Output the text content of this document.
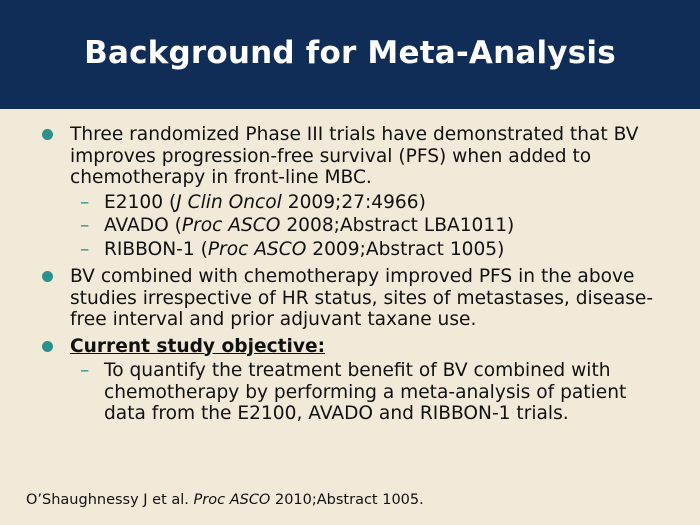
Background for Meta-Analysis
Three randomized Phase III trials have demonstrated that BV improves progression-free survival (PFS) when added to chemotherapy in front-line MBC.
– E2100 (J Clin Oncol 2009;27:4966)
– AVADO (Proc ASCO 2008;Abstract LBA1011)
– RIBBON-1 (Proc ASCO 2009;Abstract 1005)
BV combined with chemotherapy improved PFS in the above studies irrespective of HR status, sites of metastases, disease-free interval and prior adjuvant taxane use.
Current study objective:
– To quantify the treatment benefit of BV combined with chemotherapy by performing a meta-analysis of patient data from the E2100, AVADO and RIBBON-1 trials.
O’Shaughnessy J et al. Proc ASCO 2010;Abstract 1005.
